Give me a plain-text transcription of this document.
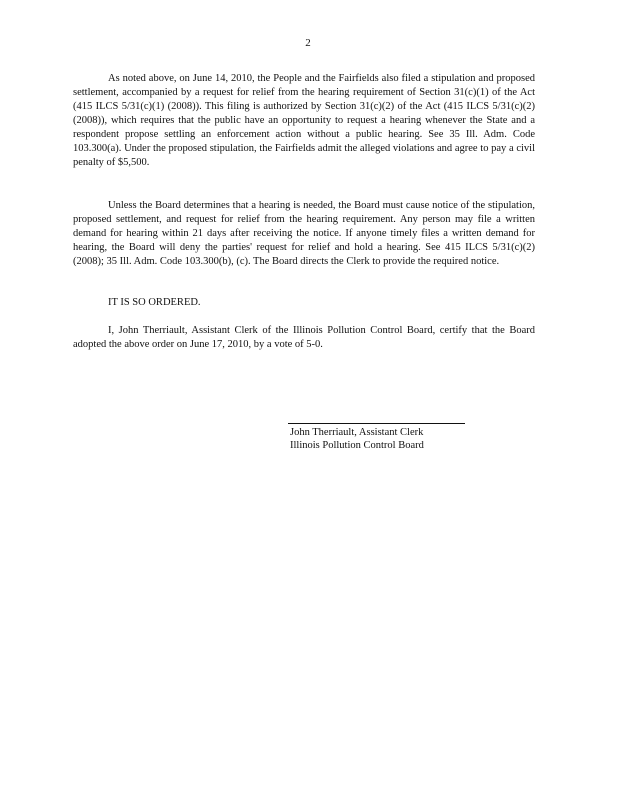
2

As noted above, on June 14, 2010, the People and the Fairfields also filed a stipulation and proposed settlement, accompanied by a request for relief from the hearing requirement of Section 31(c)(1) of the Act (415 ILCS 5/31(c)(1) (2008)). This filing is authorized by Section 31(c)(2) of the Act (415 ILCS 5/31(c)(2) (2008)), which requires that the public have an opportunity to request a hearing whenever the State and a respondent propose settling an enforcement action without a public hearing. See 35 Ill. Adm. Code 103.300(a). Under the proposed stipulation, the Fairfields admit the alleged violations and agree to pay a civil penalty of $5,500.

Unless the Board determines that a hearing is needed, the Board must cause notice of the stipulation, proposed settlement, and request for relief from the hearing requirement. Any person may file a written demand for hearing within 21 days after receiving the notice. If anyone timely files a written demand for hearing, the Board will deny the parties' request for relief and hold a hearing. See 415 ILCS 5/31(c)(2) (2008); 35 Ill. Adm. Code 103.300(b), (c). The Board directs the Clerk to provide the required notice.

IT IS SO ORDERED.

I, John Therriault, Assistant Clerk of the Illinois Pollution Control Board, certify that the Board adopted the above order on June 17, 2010, by a vote of 5-0.

John Therriault, Assistant Clerk
Illinois Pollution Control Board
